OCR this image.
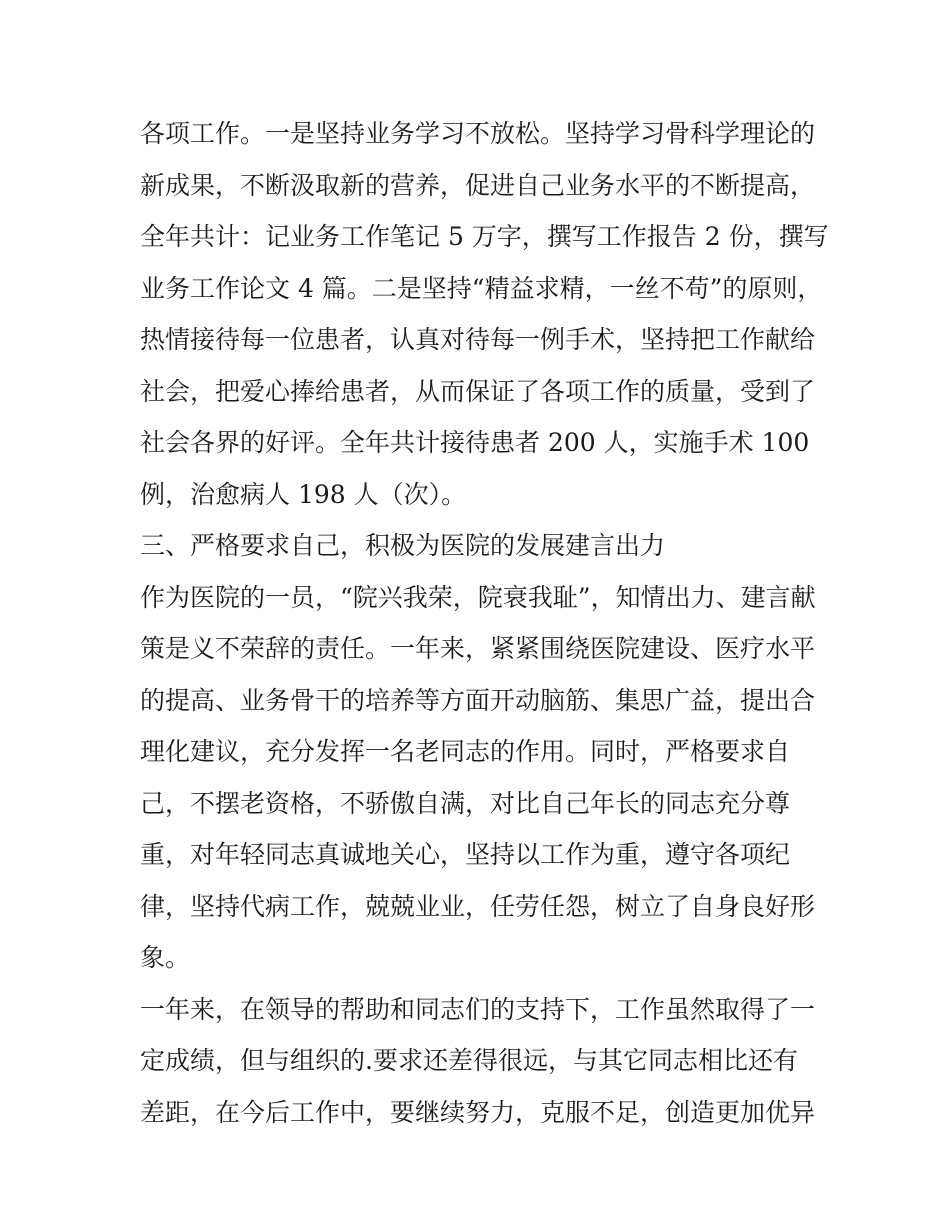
各项工作。一是坚持业务学习不放松。坚持学习骨科学理论的
新成果，不断汲取新的营养，促进自己业务水平的不断提高，
全年共计：记业务工作笔记 5 万字，撰写工作报告 2 份，撰写
业务工作论文 4 篇。二是坚持“精益求精，一丝不苟”的原则，
热情接待每一位患者，认真对待每一例手术，坚持把工作献给
社会，把爱心捧给患者，从而保证了各项工作的质量，受到了
社会各界的好评。全年共计接待患者 200 人，实施手术 100
例，治愈病人 198 人（次）。
三、严格要求自己，积极为医院的发展建言出力
作为医院的一员，“院兴我荣，院衰我耻”，知情出力、建言献
策是义不荣辞的责任。一年来，紧紧围绕医院建设、医疗水平
的提高、业务骨干的培养等方面开动脑筋、集思广益，提出合
理化建议，充分发挥一名老同志的作用。同时，严格要求自
己，不摆老资格，不骄傲自满，对比自己年长的同志充分尊
重，对年轻同志真诚地关心，坚持以工作为重，遵守各项纪
律，坚持代病工作，兢兢业业，任劳任怨，树立了自身良好形
象。
一年来，在领导的帮助和同志们的支持下，工作虽然取得了一
定成绩，但与组织的.要求还差得很远，与其它同志相比还有
差距，在今后工作中，要继续努力，克服不足，创造更加优异
